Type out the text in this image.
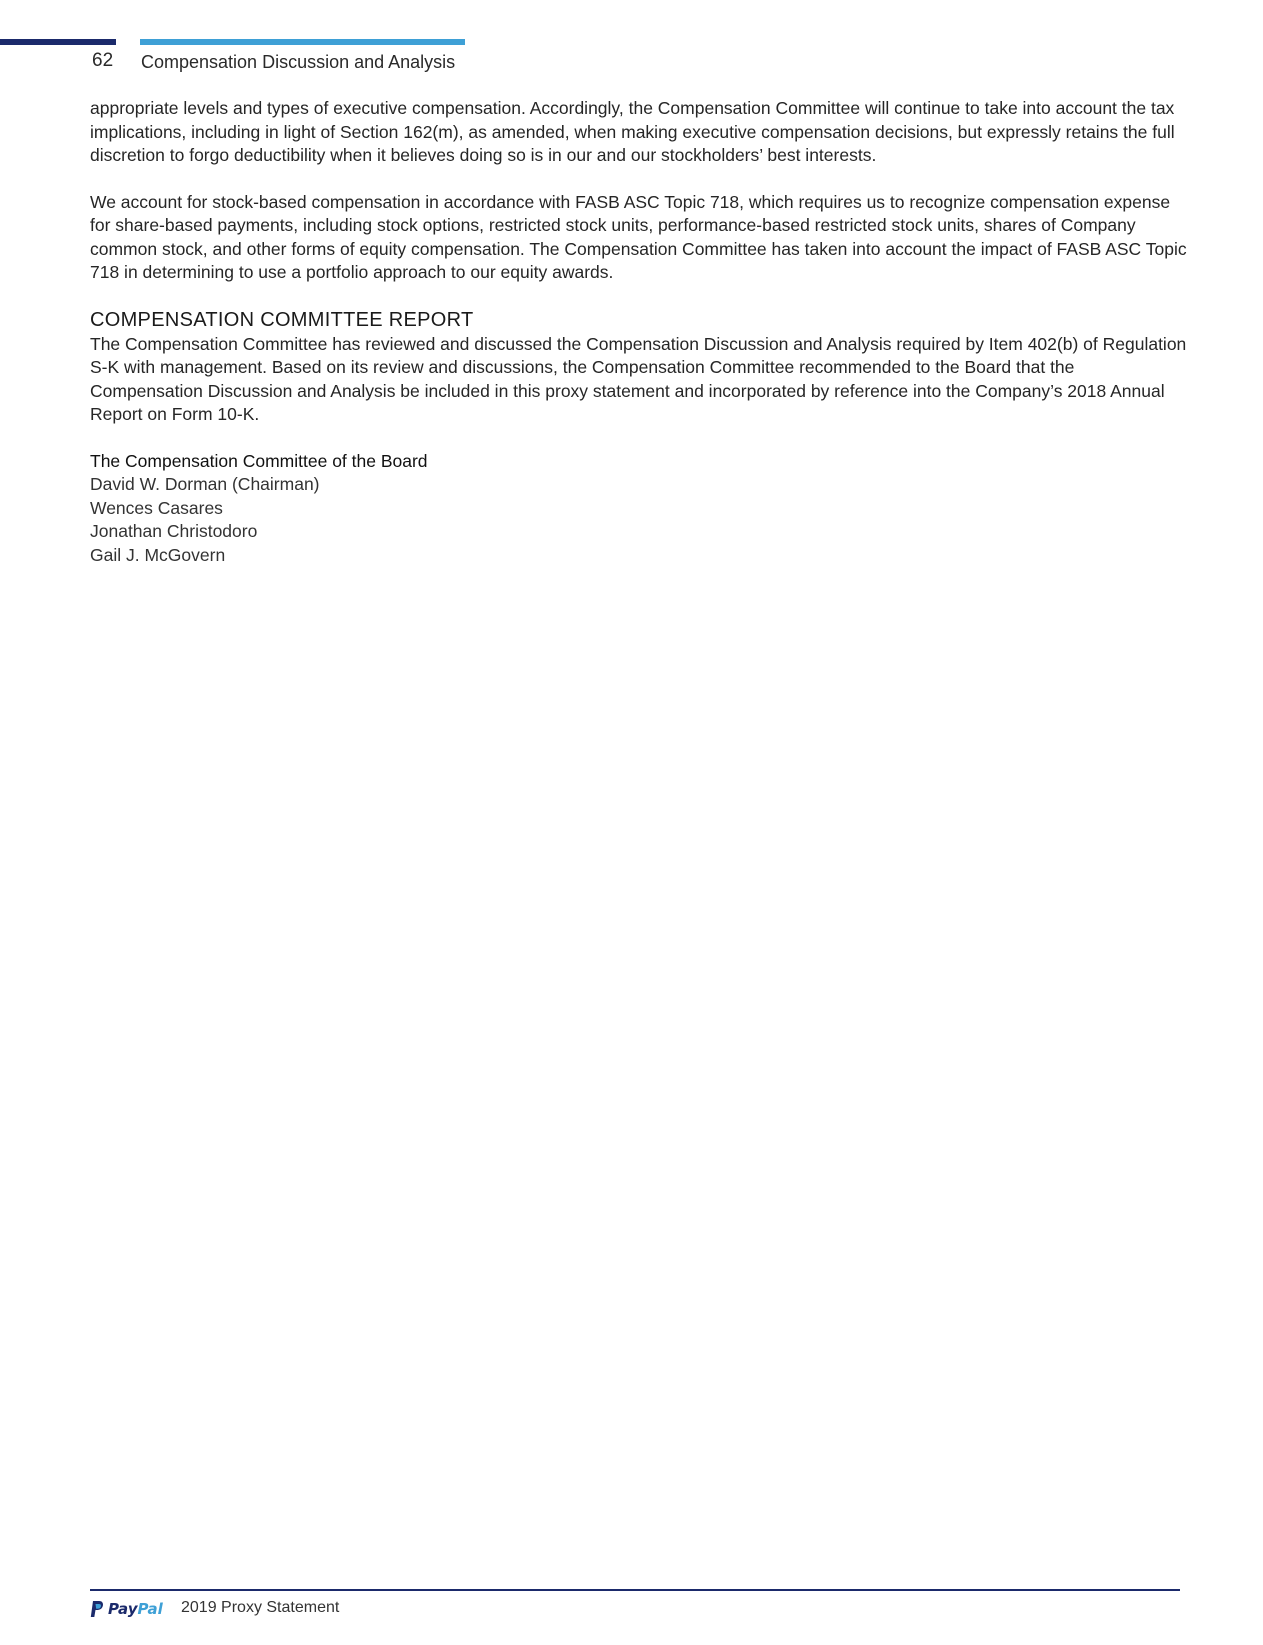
62 Compensation Discussion and Analysis

appropriate levels and types of executive compensation. Accordingly, the Compensation Committee will continue to take into account the tax implications, including in light of Section 162(m), as amended, when making executive compensation decisions, but expressly retains the full discretion to forgo deductibility when it believes doing so is in our and our stockholders’ best interests.

We account for stock-based compensation in accordance with FASB ASC Topic 718, which requires us to recognize compensation expense for share-based payments, including stock options, restricted stock units, performance-based restricted stock units, shares of Company common stock, and other forms of equity compensation. The Compensation Committee has taken into account the impact of FASB ASC Topic 718 in determining to use a portfolio approach to our equity awards.

COMPENSATION COMMITTEE REPORT

The Compensation Committee has reviewed and discussed the Compensation Discussion and Analysis required by Item 402(b) of Regulation S-K with management. Based on its review and discussions, the Compensation Committee recommended to the Board that the Compensation Discussion and Analysis be included in this proxy statement and incorporated by reference into the Company’s 2018 Annual Report on Form 10-K.

The Compensation Committee of the Board
David W. Dorman (Chairman)
Wences Casares
Jonathan Christodoro
Gail J. McGovern
PayPal 2019 Proxy Statement
